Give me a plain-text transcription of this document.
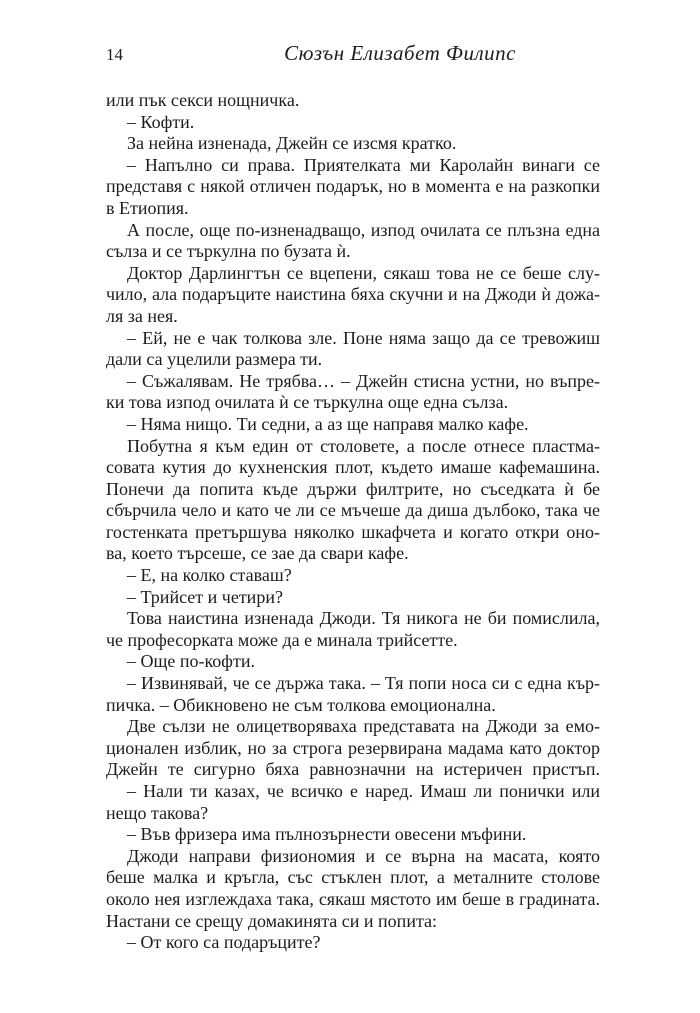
14	Сюзън Елизабет Филипс
или пък секси нощничка.
– Кофти.
За нейна изненада, Джейн се изсмя кратко.
– Напълно си права. Приятелката ми Каролайн винаги се
представя с някой отличен подарък, но в момента е на разкопки
в Етиопия.
А после, още по-изненадващо, изпод очилата се плъзна една
сълза и се търкулна по бузата ѝ.
Доктор Дарлингтън се вцепени, сякаш това не се беше слу-
чило, ала подаръците наистина бяха скучни и на Джоди ѝ дожа-
ля за нея.
– Ей, не е чак толкова зле. Поне няма защо да се тревожиш
дали са уцелили размера ти.
– Съжалявам. Не трябва… – Джейн стисна устни, но въпре-
ки това изпод очилата ѝ се търкулна още една сълза.
– Няма нищо. Ти седни, а аз ще направя малко кафе.
Побутна я към един от столовете, а после отнесе пластма-
совата кутия до кухненския плот, където имаше кафемашина.
Понечи да попита къде държи филтрите, но съседката ѝ бе
сбърчила чело и като че ли се мъчеше да диша дълбоко, така че
гостенката претършува няколко шкафчета и когато откри оно-
ва, което търсеше, се зае да свари кафе.
– Е, на колко ставаш?
– Трийсет и четири?
Това наистина изненада Джоди. Тя никога не би помислила,
че професорката може да е минала трийсетте.
– Още по-кофти.
– Извинявай, че се държа така. – Тя попи носа си с една кър-
пичка. – Обикновено не съм толкова емоционална.
Две сълзи не олицетворяваха представата на Джоди за емо-
ционален изблик, но за строга резервирана мадама като доктор
Джейн те сигурно бяха равнозначни на истеричен пристъп.
– Нали ти казах, че всичко е наред. Имаш ли понички или
нещо такова?
– Във фризера има пълнозърнести овесени мъфини.
Джоди направи физиономия и се върна на масата, която
беше малка и кръгла, със стъклен плот, а металните столове
около нея изглеждаха така, сякаш мястото им беше в градината.
Настани се срещу домакинята си и попита:
– От кого са подаръците?
